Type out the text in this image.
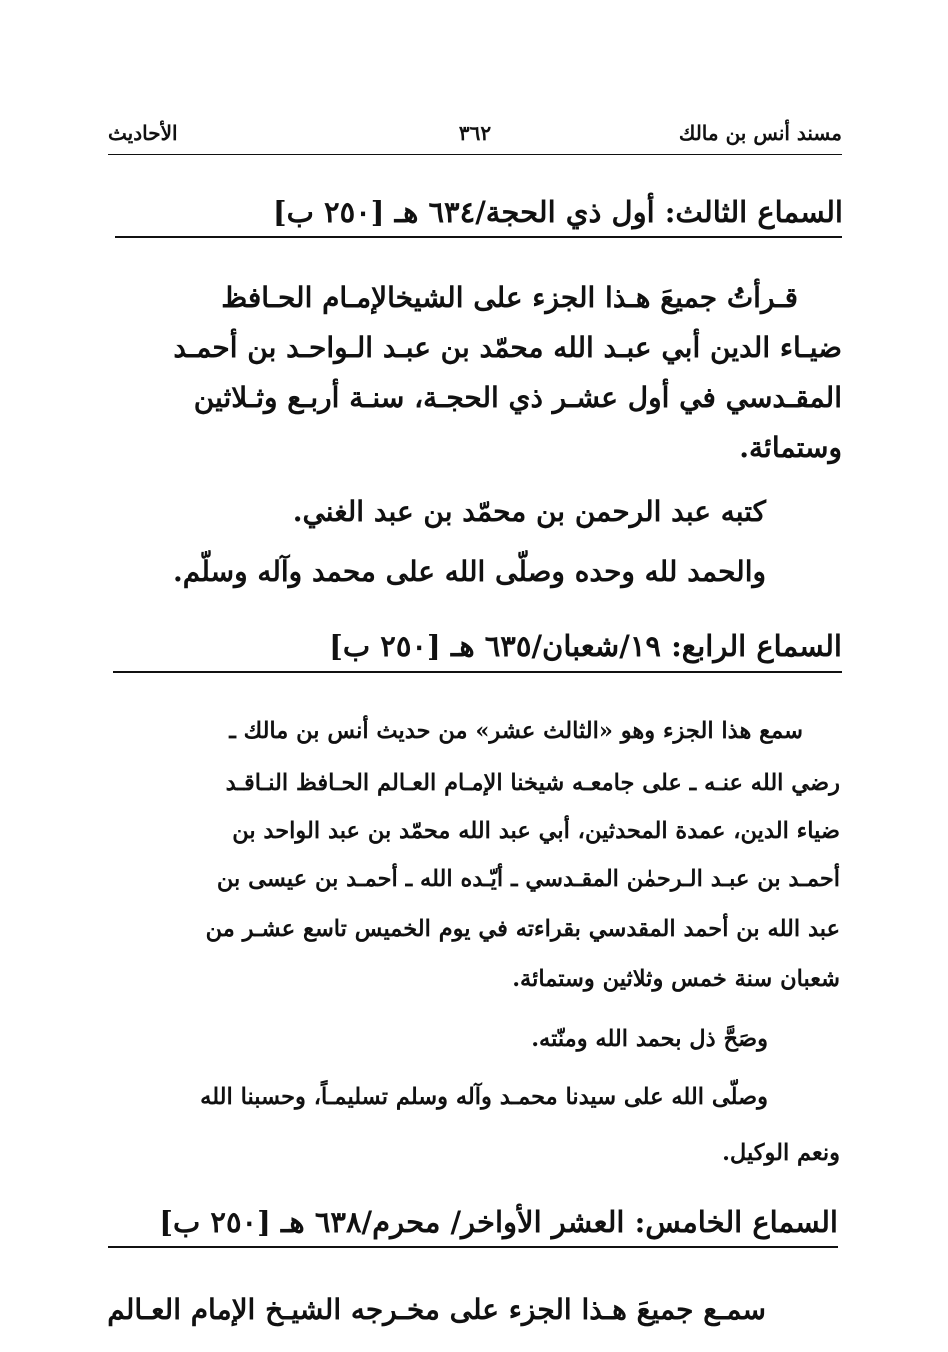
مسند أنس بن مالك
٣٦٢
الأحاديث
السماع الثالث: أول ذي الحجة/٦٣٤ هـ [٢٥٠ ب]
قـرأتُ جميعَ هـذا الجزء على الشيخالإمـام الحـافظ
ضيـاء الدين أبي عبـد الله محمّد بن عبـد الـواحـد بن أحمـد
المقـدسي في أول عشـر ذي الحجـة، سنـة أربـع وثـلاثين
وستمائة.
كتبه عبد الرحمن بن محمّد بن عبد الغني.
والحمد لله وحده وصلّى الله على محمد وآله وسلّم.
السماع الرابع: ١٩/شعبان/٦٣٥ هـ [٢٥٠ ب]
سمع هذا الجزء وهو «الثالث عشر» من حديث أنس بن مالك ـ
رضي الله عنـه ـ على جامعـه شيخنا الإمـام العـالم الحـافظ النـاقـد
ضياء الدين، عمدة المحدثين، أبي عبد الله محمّد بن عبد الواحد بن
أحمـد بن عبـد الـرحمٰن المقـدسي ـ أيّـده الله ـ أحمـد بن عيسى بن
عبد الله بن أحمد المقدسي بقراءته في يوم الخميس تاسع عشـر من
شعبان سنة خمس وثلاثين وستمائة.
وصَحَّ ذل بحمد الله ومنّته.
وصلّى الله على سيدنا محمـد وآله وسلم تسليمـاً، وحسبنا الله
ونعم الوكيل.
السماع الخامس: العشر الأواخر/ محرم/٦٣٨ هـ [٢٥٠ ب]
سمـع جميعَ هـذا الجزء على مخـرجه الشيـخ الإمام العـالم
